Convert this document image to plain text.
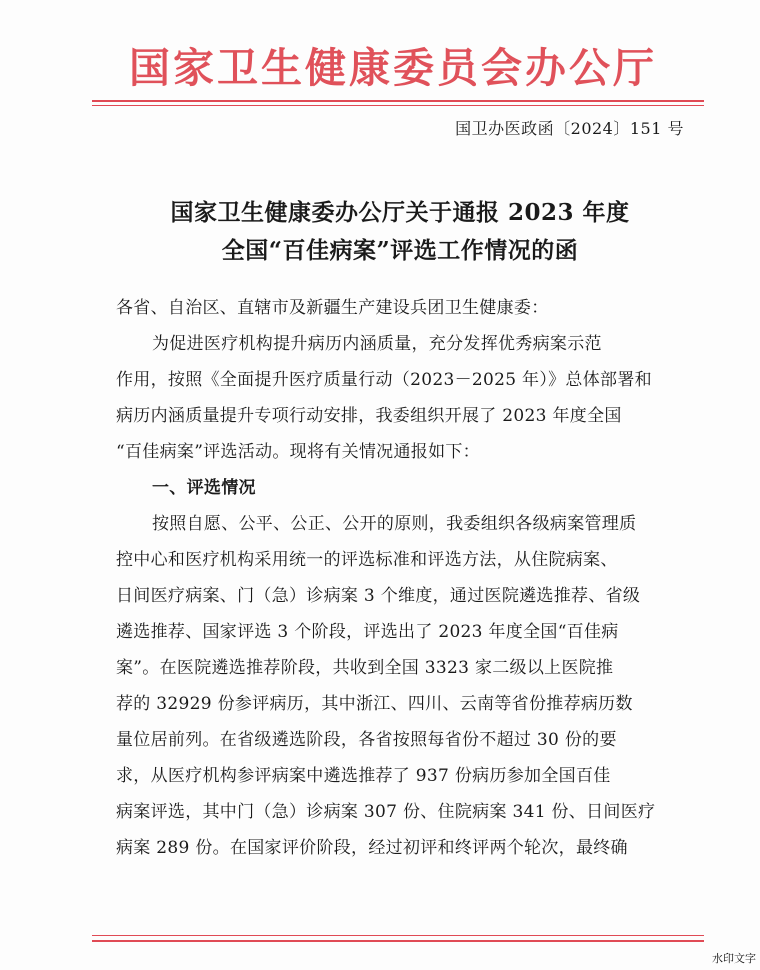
国家卫生健康委员会办公厅
国卫办医政函〔2024〕151 号
国家卫生健康委办公厅关于通报 2023 年度
全国“百佳病案”评选工作情况的函
各省、自治区、直辖市及新疆生产建设兵团卫生健康委：
为促进医疗机构提升病历内涵质量，充分发挥优秀病案示范
作用，按照《全面提升医疗质量行动（2023－2025 年）》总体部署和
病历内涵质量提升专项行动安排，我委组织开展了 2023 年度全国
“百佳病案”评选活动。现将有关情况通报如下：
一、评选情况
按照自愿、公平、公正、公开的原则，我委组织各级病案管理质
控中心和医疗机构采用统一的评选标准和评选方法，从住院病案、
日间医疗病案、门（急）诊病案 3 个维度，通过医院遴选推荐、省级
遴选推荐、国家评选 3 个阶段，评选出了 2023 年度全国“百佳病
案”。在医院遴选推荐阶段，共收到全国 3323 家二级以上医院推
荐的 32929 份参评病历，其中浙江、四川、云南等省份推荐病历数
量位居前列。在省级遴选阶段，各省按照每省份不超过 30 份的要
求，从医疗机构参评病案中遴选推荐了 937 份病历参加全国百佳
病案评选，其中门（急）诊病案 307 份、住院病案 341 份、日间医疗
病案 289 份。在国家评价阶段，经过初评和终评两个轮次，最终确
水印文字
